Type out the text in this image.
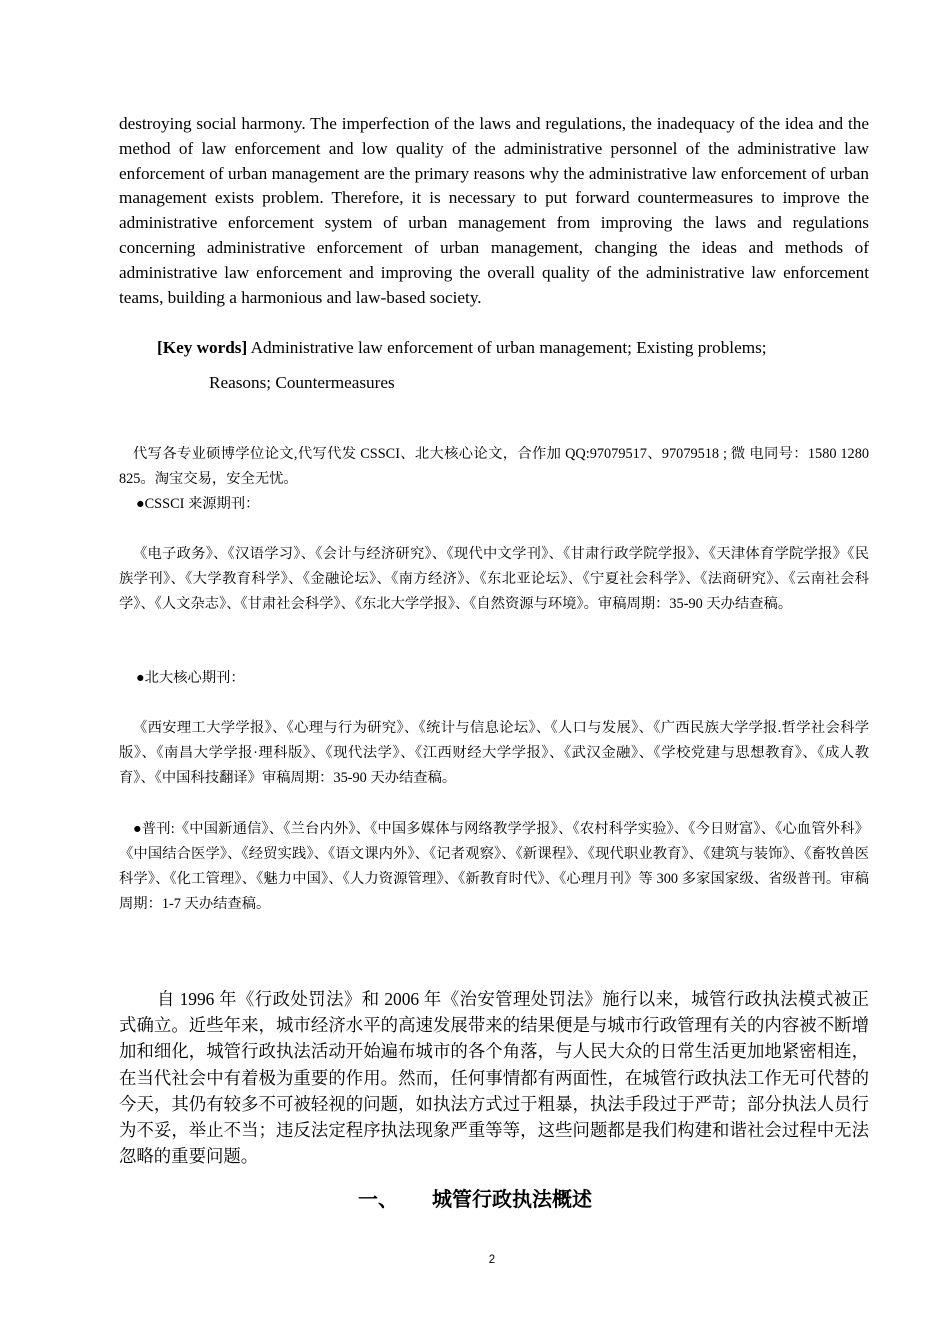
destroying social harmony. The imperfection of the laws and regulations, the inadequacy of the idea and the method of law enforcement and low quality of the administrative personnel of the administrative law enforcement of urban management are the primary reasons why the administrative law enforcement of urban management exists problem. Therefore, it is necessary to put forward countermeasures to improve the administrative enforcement system of urban management from improving the laws and regulations concerning administrative enforcement of urban management, changing the ideas and methods of administrative law enforcement and improving the overall quality of the administrative law enforcement teams, building a harmonious and law-based society.

[Key words] Administrative law enforcement of urban management; Existing problems;
Reasons; Countermeasures

代写各专业硕博学位论文,代写代发 CSSCI、北大核心论文，合作加 QQ:97079517、97079518 ; 微 电同号：1580 1280 825。淘宝交易，安全无忧。

●CSSCI 来源期刊：

《电子政务》、《汉语学习》、《会计与经济研究》、《现代中文学刊》、《甘肃行政学院学报》、《天津体育学院学报》《民族学刊》、《大学教育科学》、《金融论坛》、《南方经济》、《东北亚论坛》、《宁夏社会科学》、《法商研究》、《云南社会科学》、《人文杂志》、《甘肃社会科学》、《东北大学学报》、《自然资源与环境》。审稿周期：35-90 天办结查稿。

●北大核心期刊：

《西安理工大学学报》、《心理与行为研究》、《统计与信息论坛》、《人口与发展》、《广西民族大学学报.哲学社会科学版》、《南昌大学学报·理科版》、《现代法学》、《江西财经大学学报》、《武汉金融》、《学校党建与思想教育》、《成人教育》、《中国科技翻译》审稿周期：35-90 天办结查稿。

●普刊:《中国新通信》、《兰台内外》、《中国多媒体与网络教学学报》、《农村科学实验》、《今日财富》、《心血管外科》《中国结合医学》、《经贸实践》、《语文课内外》、《记者观察》、《新课程》、《现代职业教育》、《建筑与装饰》、《畜牧兽医科学》、《化工管理》、《魅力中国》、《人力资源管理》、《新教育时代》、《心理月刊》等 300 多家国家级、省级普刊。审稿周期：1-7 天办结查稿。

自 1996 年《行政处罚法》和 2006 年《治安管理处罚法》施行以来，城管行政执法模式被正式确立。近些年来，城市经济水平的高速发展带来的结果便是与城市行政管理有关的内容被不断增加和细化，城管行政执法活动开始遍布城市的各个角落，与人民大众的日常生活更加地紧密相连，在当代社会中有着极为重要的作用。然而，任何事情都有两面性，在城管行政执法工作无可代替的今天，其仍有较多不可被轻视的问题，如执法方式过于粗暴，执法手段过于严苛；部分执法人员行为不妥，举止不当；违反法定程序执法现象严重等等，这些问题都是我们构建和谐社会过程中无法忽略的重要问题。

一、 城管行政执法概述
2
